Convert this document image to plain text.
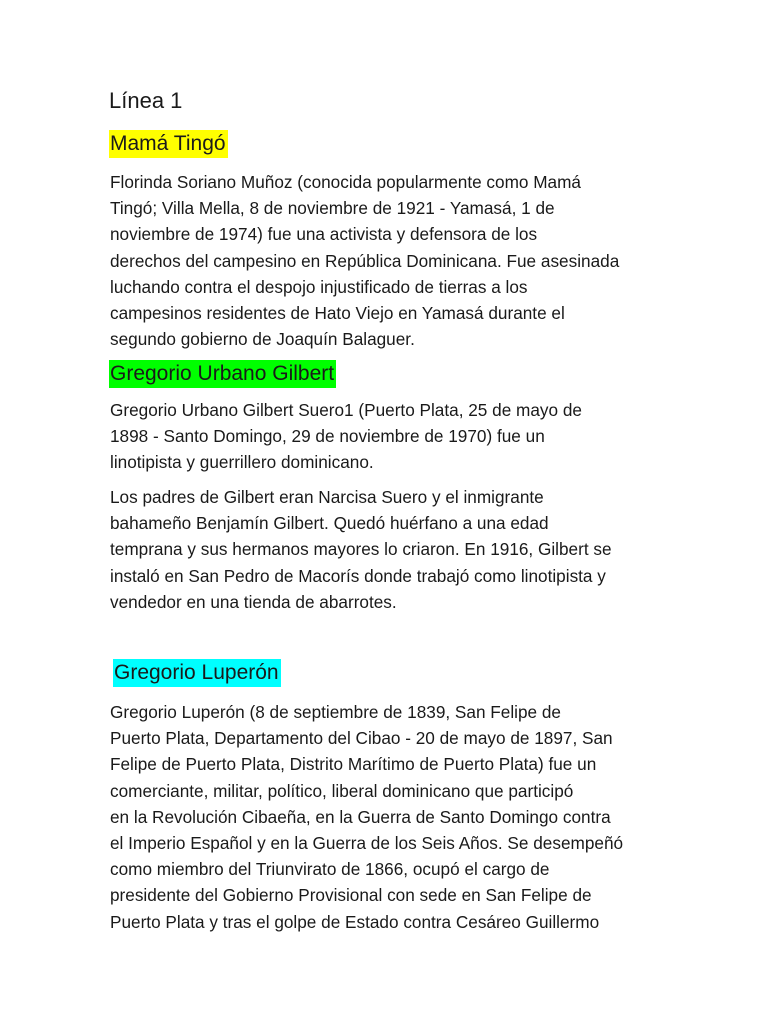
Línea 1
Mamá Tingó

Florinda Soriano Muñoz (conocida popularmente como Mamá
Tingó; Villa Mella, 8 de noviembre de 1921 - Yamasá, 1 de
noviembre de 1974) fue una activista y defensora de los
derechos del campesino en República Dominicana. Fue asesinada
luchando contra el despojo injustificado de tierras a los
campesinos residentes de Hato Viejo en Yamasá durante el
segundo gobierno de Joaquín Balaguer.

Gregorio Urbano Gilbert

Gregorio Urbano Gilbert Suero1 (Puerto Plata, 25 de mayo de
1898 - Santo Domingo, 29 de noviembre de 1970) fue un
linotipista y guerrillero dominicano.

Los padres de Gilbert eran Narcisa Suero y el inmigrante
bahameño Benjamín Gilbert. Quedó huérfano a una edad
temprana y sus hermanos mayores lo criaron. En 1916, Gilbert se
instaló en San Pedro de Macorís donde trabajó como linotipista y
vendedor en una tienda de abarrotes.

Gregorio Luperón

Gregorio Luperón (8 de septiembre de 1839, San Felipe de
Puerto Plata, Departamento del Cibao - 20 de mayo de 1897, San
Felipe de Puerto Plata, Distrito Marítimo de Puerto Plata) fue un
comerciante, militar, político, liberal dominicano que participó
en la Revolución Cibaeña, en la Guerra de Santo Domingo contra
el Imperio Español y en la Guerra de los Seis Años. Se desempeñó
como miembro del Triunvirato de 1866, ocupó el cargo de
presidente del Gobierno Provisional con sede en San Felipe de
Puerto Plata y tras el golpe de Estado contra Cesáreo Guillermo
